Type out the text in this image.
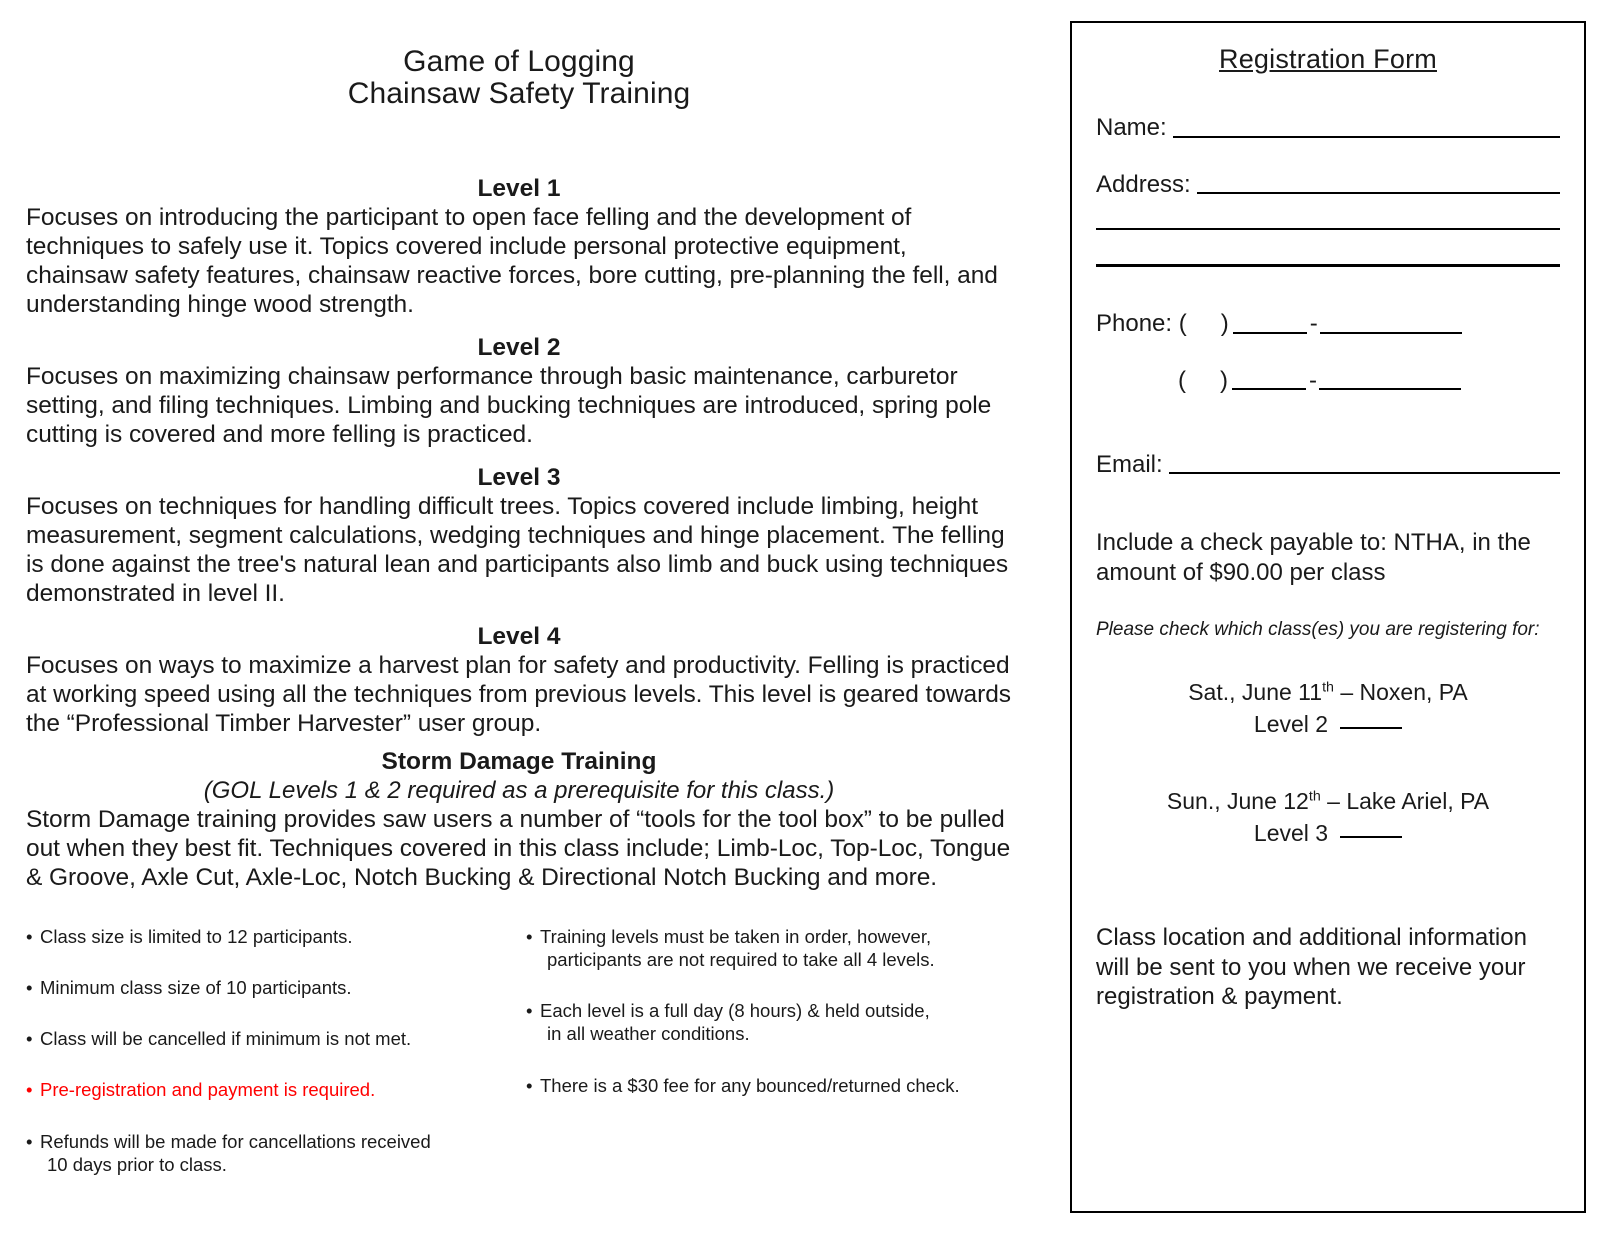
Game of Logging
Chainsaw Safety Training

Level 1

Focuses on introducing the participant to open face felling and the development of techniques to safely use it. Topics covered include personal protective equipment, chainsaw safety features, chainsaw reactive forces, bore cutting, pre-planning the fell, and understanding hinge wood strength.

Level 2

Focuses on maximizing chainsaw performance through basic maintenance, carburetor setting, and filing techniques. Limbing and bucking techniques are introduced, spring pole cutting is covered and more felling is practiced.

Level 3

Focuses on techniques for handling difficult trees. Topics covered include limbing, height measurement, segment calculations, wedging techniques and hinge placement. The felling is done against the tree's natural lean and participants also limb and buck using techniques demonstrated in level II.

Level 4

Focuses on ways to maximize a harvest plan for safety and productivity. Felling is practiced at working speed using all the techniques from previous levels. This level is geared towards the “Professional Timber Harvester” user group.

Storm Damage Training

(GOL Levels 1 & 2 required as a prerequisite for this class.)

Storm Damage training provides saw users a number of “tools for the tool box” to be pulled out when they best fit. Techniques covered in this class include; Limb-Loc, Top-Loc, Tongue & Groove, Axle Cut, Axle-Loc, Notch Bucking & Directional Notch Bucking and more.

• Class size is limited to 12 participants.
• Minimum class size of 10 participants.
• Class will be cancelled if minimum is not met.
• Pre-registration and payment is required.
• Refunds will be made for cancellations received
10 days prior to class.
• Training levels must be taken in order, however,
participants are not required to take all 4 levels.
• Each level is a full day (8 hours) & held outside,
in all weather conditions.
• There is a $30 fee for any bounced/returned check.
Registration Form
Name:
Address:
Phone: ( )	-
( )	-
Email:

Include a check payable to: NTHA, in the amount of $90.00 per class

Please check which class(es) you are registering for:

Sat., June 11th – Noxen, PA
Level 2
Sun., June 12th – Lake Ariel, PA
Level 3

Class location and additional information will be sent to you when we receive your registration & payment.
